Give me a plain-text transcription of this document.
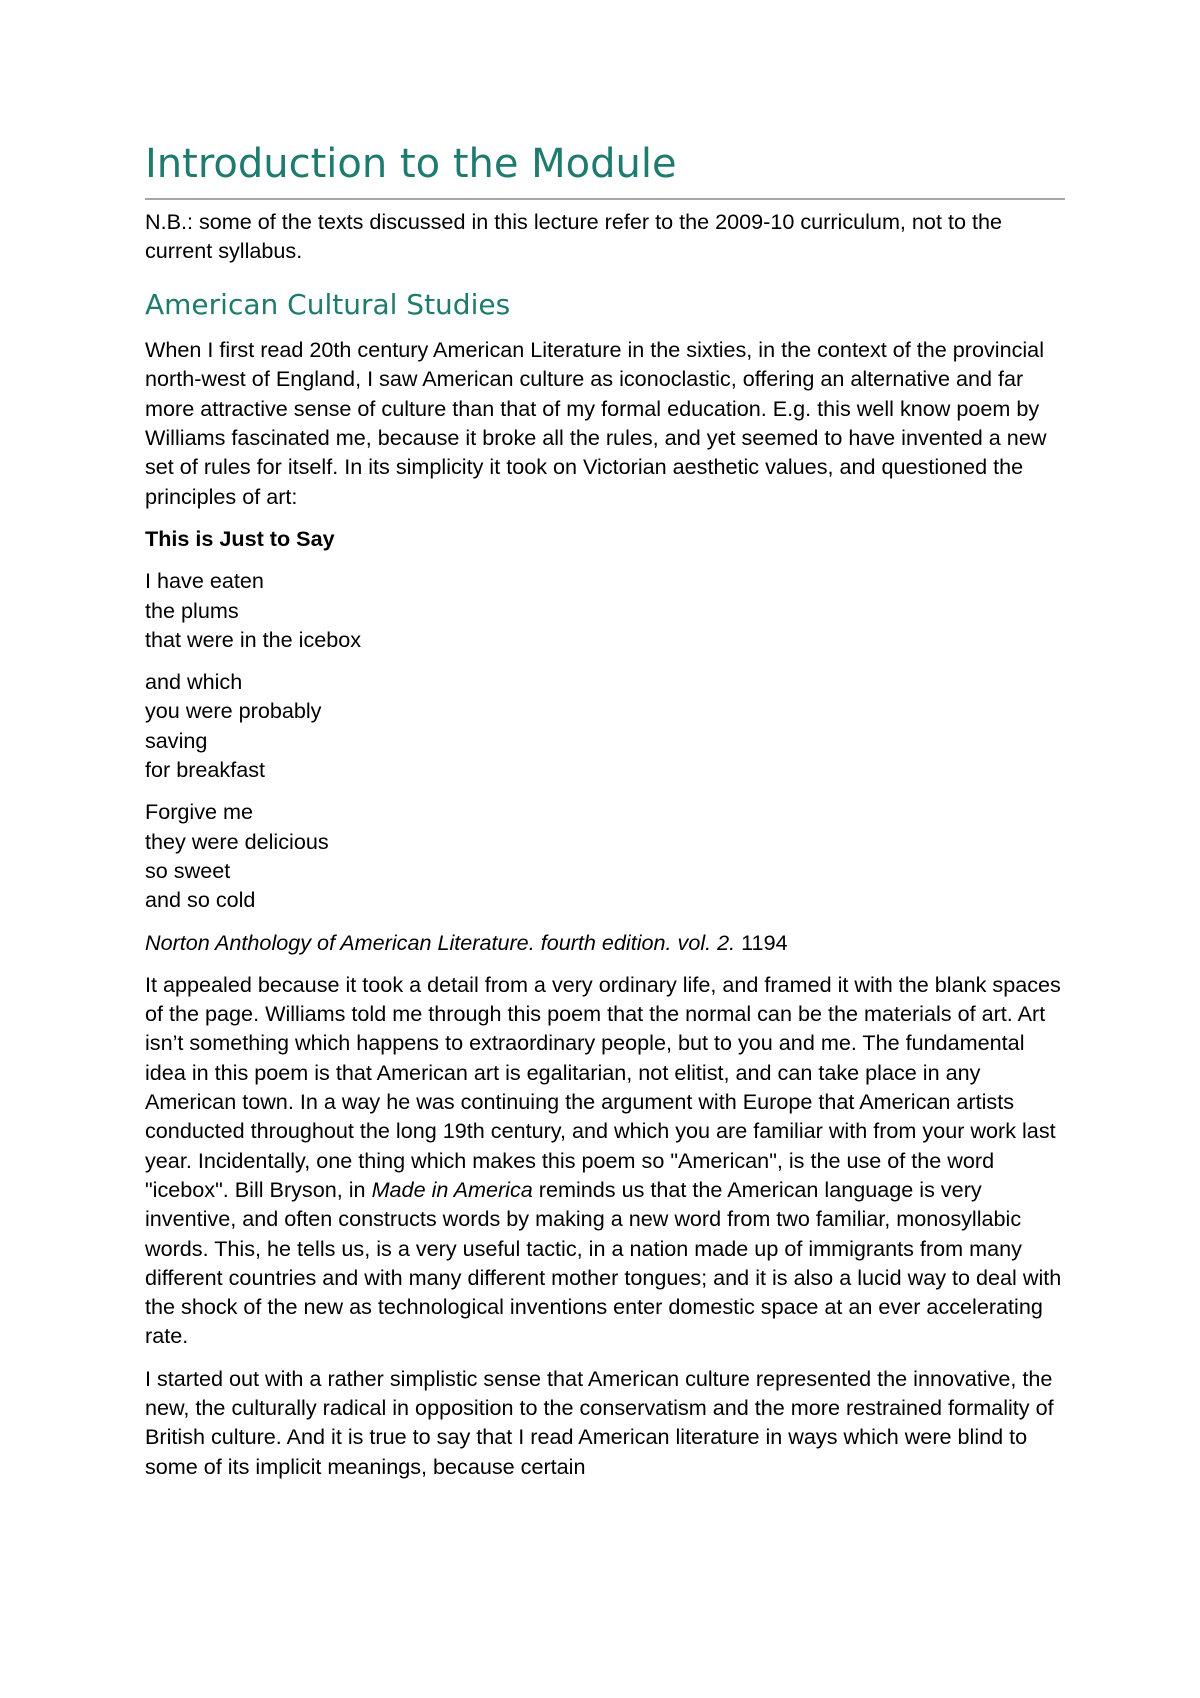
Introduction to the Module

N.B.: some of the texts discussed in this lecture refer to the 2009-10 curriculum, not to the current syllabus.

American Cultural Studies

When I first read 20th century American Literature in the sixties, in the context of the provincial north-west of England, I saw American culture as iconoclastic, offering an alternative and far more attractive sense of culture than that of my formal education. E.g. this well know poem by Williams fascinated me, because it broke all the rules, and yet seemed to have invented a new set of rules for itself. In its simplicity it took on Victorian aesthetic values, and questioned the principles of art:

This is Just to Say

I have eaten
the plums
that were in the icebox
and which
you were probably
saving
for breakfast
Forgive me
they were delicious
so sweet
and so cold

Norton Anthology of American Literature. fourth edition. vol. 2. 1194

It appealed because it took a detail from a very ordinary life, and framed it with the blank spaces of the page. Williams told me through this poem that the normal can be the materials of art. Art isn’t something which happens to extraordinary people, but to you and me. The fundamental idea in this poem is that American art is egalitarian, not elitist, and can take place in any American town. In a way he was continuing the argument with Europe that American artists conducted throughout the long 19th century, and which you are familiar with from your work last year. Incidentally, one thing which makes this poem so "American", is the use of the word "icebox". Bill Bryson, in Made in America reminds us that the American language is very inventive, and often constructs words by making a new word from two familiar, monosyllabic words. This, he tells us, is a very useful tactic, in a nation made up of immigrants from many different countries and with many different mother tongues; and it is also a lucid way to deal with the shock of the new as technological inventions enter domestic space at an ever accelerating rate.

I started out with a rather simplistic sense that American culture represented the innovative, the new, the culturally radical in opposition to the conservatism and the more restrained formality of British culture. And it is true to say that I read American literature in ways which were blind to some of its implicit meanings, because certain
